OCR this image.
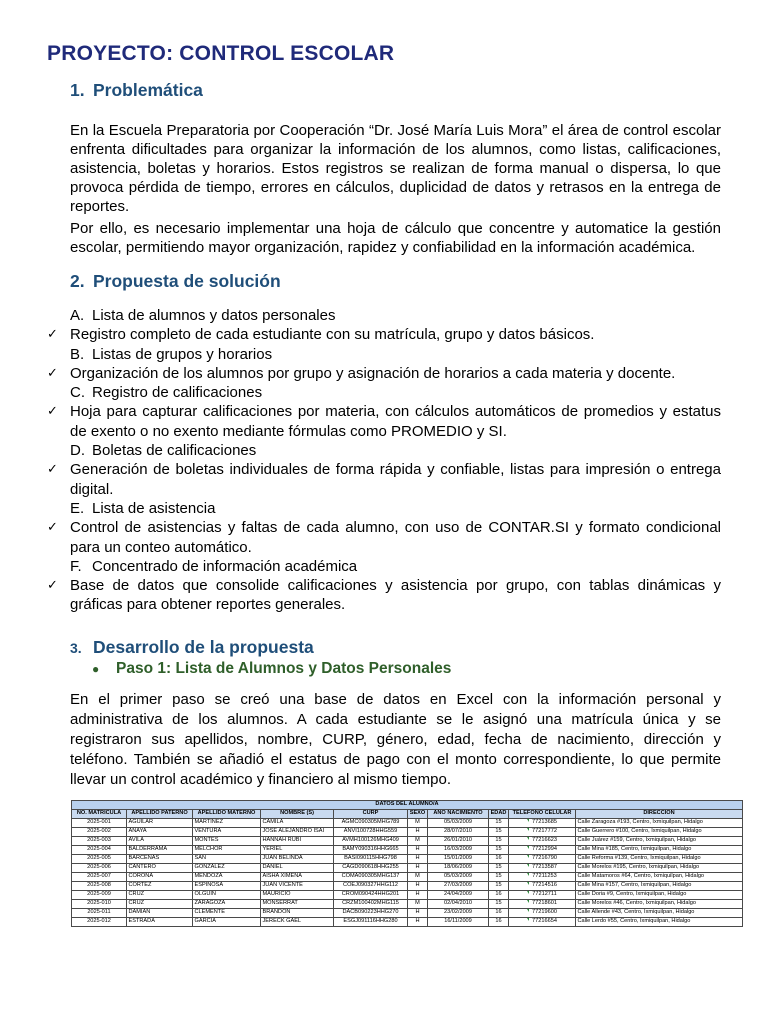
PROYECTO: CONTROL ESCOLAR
1. Problemática

En la Escuela Preparatoria por Cooperación “Dr. José María Luis Mora” el área de control escolar enfrenta dificultades para organizar la información de los alumnos, como listas, calificaciones, asistencia, boletas y horarios. Estos registros se realizan de forma manual o dispersa, lo que provoca pérdida de tiempo, errores en cálculos, duplicidad de datos y retrasos en la entrega de reportes.

Por ello, es necesario implementar una hoja de cálculo que concentre y automatice la gestión escolar, permitiendo mayor organización, rapidez y confiabilidad en la información académica.

2. Propuesta de solución

A. Lista de alumnos y datos personales

✓ Registro completo de cada estudiante con su matrícula, grupo y datos básicos.

B. Listas de grupos y horarios

✓ Organización de los alumnos por grupo y asignación de horarios a cada materia y docente.

C. Registro de calificaciones

✓ Hoja para capturar calificaciones por materia, con cálculos automáticos de promedios y estatus de exento o no exento mediante fórmulas como PROMEDIO y SI.

D. Boletas de calificaciones

✓ Generación de boletas individuales de forma rápida y confiable, listas para impresión o entrega digital.

E. Lista de asistencia

✓ Control de asistencias y faltas de cada alumno, con uso de CONTAR.SI y formato condicional para un conteo automático.

F. Concentrado de información académica

✓ Base de datos que consolide calificaciones y asistencia por grupo, con tablas dinámicas y gráficas para obtener reportes generales.

3. Desarrollo de la propuesta

● Paso 1: Lista de Alumnos y Datos Personales

En el primer paso se creó una base de datos en Excel con la información personal y administrativa de los alumnos. A cada estudiante se le asignó una matrícula única y se registraron sus apellidos, nombre, CURP, género, edad, fecha de nacimiento, dirección y teléfono. También se añadió el estatus de pago con el monto correspondiente, lo que permite llevar un control académico y financiero al mismo tiempo.

DATOS DEL ALUMNO/A									
NO. MATRICULA	APELLIDO PATERNO	APELLIDO MATERNO	NOMBRE (S)	CURP	SEXO	AÑO NACIMIENTO	EDAD	TELEFONO CELULAR	DIRECCIÓN
2025-001	AGUILAR	MARTINEZ	CAMILA	AGMC090305MHG789	M	05/03/2009	15	77213685	Calle Zaragoza #193, Centro, Ixmiquilpan, Hidalgo
2025-002	ANAYA	VENTURA	JOSE ALEJANDRO ISAI	ANVI100728HHG559	H	28/07/2010	15	77217772	Calle Guerrero #100, Centro, Ixmiquilpan, Hidalgo
2025-003	AVILA	MONTES	HANNAH RUBI	AVMH100126MHG409	M	26/01/2010	15	77216623	Calle Juárez #159, Centro, Ixmiquilpan, Hidalgo
2025-004	BALDERRAMA	MELCHOR	YERIEL	BAMY090316HHG665	H	16/03/2009	15	77212994	Calle Mina #185, Centro, Ixmiquilpan, Hidalgo
2025-005	BARCENAS	SAN	JUAN BELINDA	BASI090115HHG798	H	15/01/2009	16	77216790	Calle Reforma #139, Centro, Ixmiquilpan, Hidalgo
2025-006	CANTERO	GONZALEZ	DANIEL	CAGD090618HHG255	H	18/06/2009	15	77213587	Calle Morelos #195, Centro, Ixmiquilpan, Hidalgo
2025-007	CORONA	MENDOZA	AISHA XIMENA	COMA090305MHG137	M	05/03/2009	15	77211253	Calle Matamoros #64, Centro, Ixmiquilpan, Hidalgo
2025-008	CORTEZ	ESPINOSA	JUAN VICENTE	COEJ090327HHG112	H	27/03/2009	15	77214516	Calle Mina #157, Centro, Ixmiquilpan, Hidalgo
2025-009	CRUZ	OLGUIN	MAURICIO	CROM090424HHG201	H	24/04/2009	16	77212711	Calle Doria #9, Centro, Ixmiquilpan, Hidalgo
2025-010	CRUZ	ZARAGOZA	MONSERRAT	CRZM100402MHG115	M	02/04/2010	15	77218601	Calle Morelos #46, Centro, Ixmiquilpan, Hidalgo
2025-011	DAMIAN	CLEMENTE	BRANDON	DACB090223HHG270	H	23/02/2009	16	77219600	Calle Allende #43, Centro, Ixmiquilpan, Hidalgo
2025-012	ESTRADA	GARCIA	JERECK GAEL	ESGJ091116HHG280	H	16/11/2009	16	77216654	Calle Lerdo #55, Centro, Ixmiquilpan, Hidalgo
